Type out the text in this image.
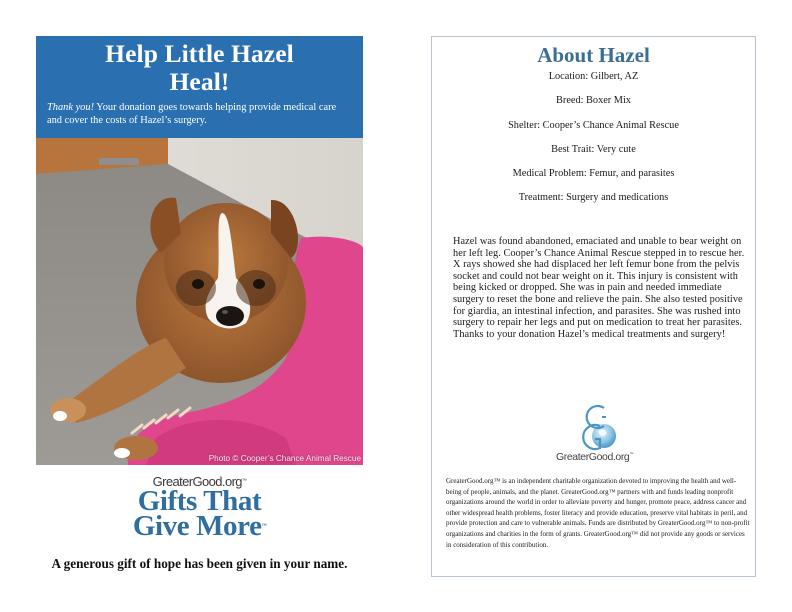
Help Little Hazel
Heal!

Thank you! Your donation goes towards helping provide medical care and cover the costs of Hazel’s surgery.

Photo © Cooper’s Chance Animal Rescue
GreaterGood.org™
Gifts That
Give More™

A generous gift of hope has been given in your name.

About Hazel
Location: Gilbert, AZ
Breed: Boxer Mix
Shelter: Cooper’s Chance Animal Rescue
Best Trait: Very cute
Medical Problem: Femur, and parasites
Treatment: Surgery and medications

Hazel was found abandoned, emaciated and unable to bear weight on her left leg. Cooper’s Chance Animal Rescue stepped in to rescue her. X rays showed she had displaced her left femur bone from the pelvis socket and could not bear weight on it. This injury is consistent with being kicked or dropped. She was in pain and needed immediate surgery to reset the bone and relieve the pain. She also tested positive for giardia, an intestinal infection, and parasites. She was rushed into surgery to repair her legs and put on medication to treat her parasites. Thanks to your donation Hazel’s medical treatments and surgery!

GreaterGood.org™

GreaterGood.org™ is an independent charitable organization devoted to improving the health and well-being of people, animals, and the planet. GreaterGood.org™ partners with and funds leading nonprofit organizations around the world in order to alleviate poverty and hunger, promote peace, address cancer and other widespread health problems, foster literacy and provide education, preserve vital habitats in peril, and provide protection and care to vulnerable animals. Funds are distributed by GreaterGood.org™ to non-profit organizations and charities in the form of grants. GreaterGood.org™ did not provide any goods or services in consideration of this contribution.
